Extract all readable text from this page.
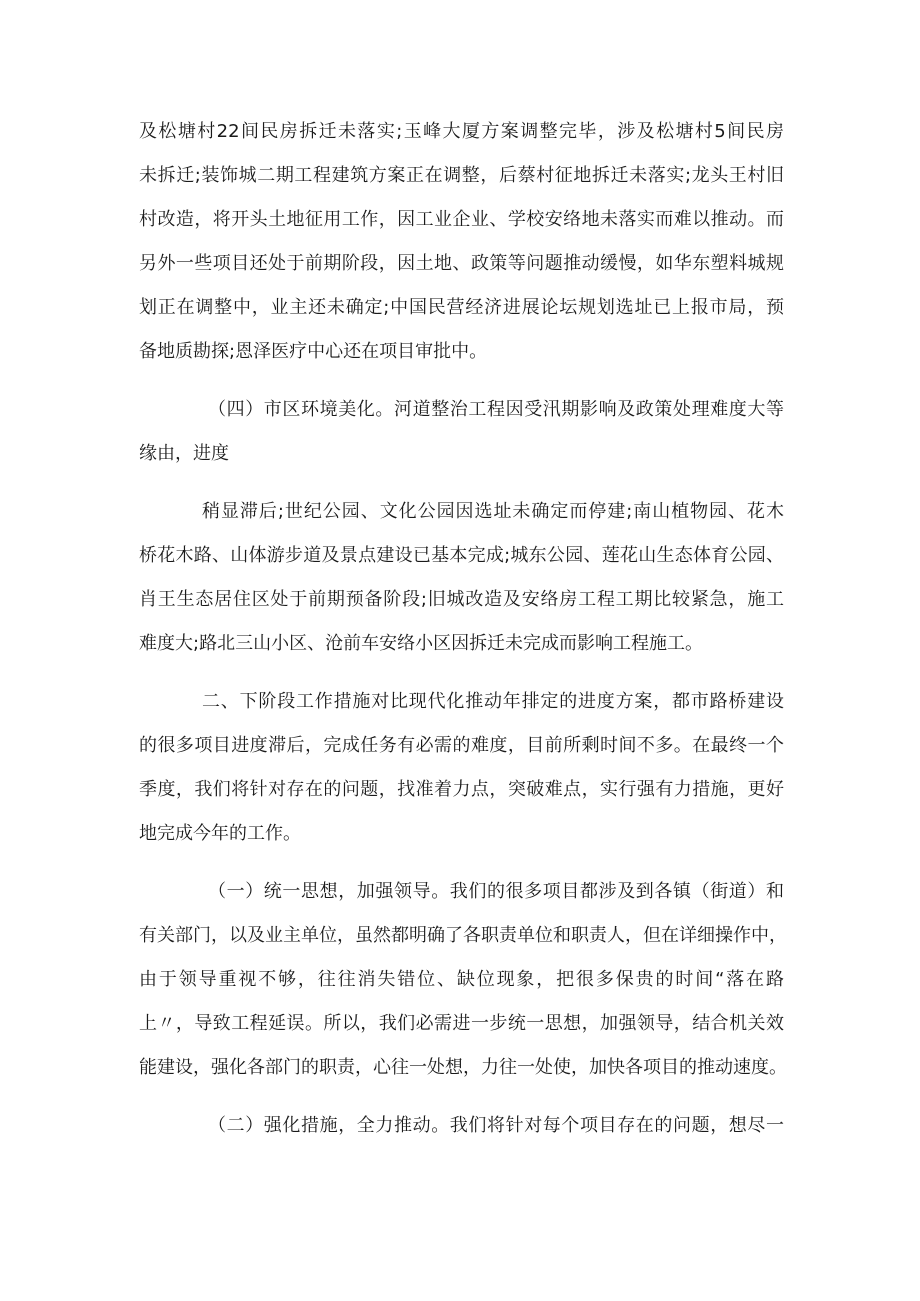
及松塘村22间民房拆迁未落实;玉峰大厦方案调整完毕，涉及松塘村5间民房
未拆迁;装饰城二期工程建筑方案正在调整，后蔡村征地拆迁未落实;龙头王村旧
村改造，将开头土地征用工作，因工业企业、学校安络地未落实而难以推动。而
另外一些项目还处于前期阶段，因土地、政策等问题推动缓慢，如华东塑料城规
划正在调整中，业主还未确定;中国民营经济进展论坛规划选址已上报市局，预
备地质勘探;恩泽医疗中心还在项目审批中。
（四）市区环境美化。河道整治工程因受汛期影响及政策处理难度大等
缘由，进度
稍显滞后;世纪公园、文化公园因选址未确定而停建;南山植物园、花木
桥花木路、山体游步道及景点建设已基本完成;城东公园、莲花山生态体育公园、
肖王生态居住区处于前期预备阶段;旧城改造及安络房工程工期比较紧急，施工
难度大;路北三山小区、沧前车安络小区因拆迁未完成而影响工程施工。
二、下阶段工作措施对比现代化推动年排定的进度方案，都市路桥建设
的很多项目进度滞后，完成任务有必需的难度，目前所剩时间不多。在最终一个
季度，我们将针对存在的问题，找准着力点，突破难点，实行强有力措施，更好
地完成今年的工作。
（一）统一思想，加强领导。我们的很多项目都涉及到各镇（街道）和
有关部门，以及业主单位，虽然都明确了各职责单位和职责人，但在详细操作中，
由于领导重视不够，往往消失错位、缺位现象，把很多保贵的时间“落在路
上〃，导致工程延误。所以，我们必需进一步统一思想，加强领导，结合机关效
能建设，强化各部门的职责，心往一处想，力往一处使，加快各项目的推动速度。
（二）强化措施，全力推动。我们将针对每个项目存在的问题，想尽一
